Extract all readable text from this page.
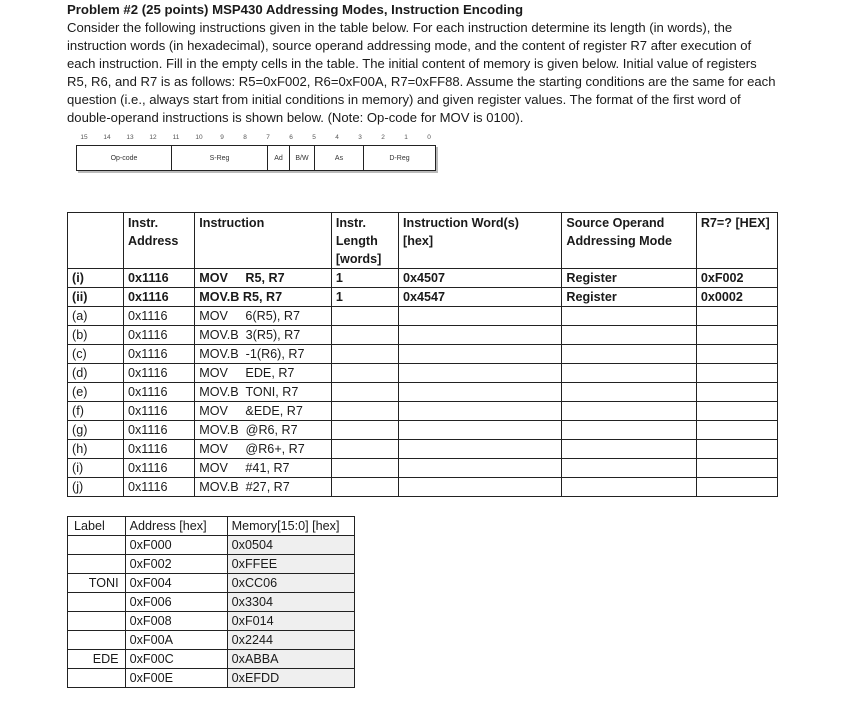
Problem #2 (25 points) MSP430 Addressing Modes, Instruction Encoding
Consider the following instructions given in the table below. For each instruction determine its length (in words), the
instruction words (in hexadecimal), source operand addressing mode, and the content of register R7 after execution of
each instruction. Fill in the empty cells in the table. The initial content of memory is given below. Initial value of registers
R5, R6, and R7 is as follows: R5=0xF002, R6=0xF00A, R7=0xFF88. Assume the starting conditions are the same for each
question (i.e., always start from initial conditions in memory) and given register values. The format of the first word of
double-operand instructions is shown below. (Note: Op-code for MOV is 0100).
15 14 13 12 11 10	9	8	7	6	5	4	3	2	1	0
Op-code	S-Reg	Ad	B/W	As	D-Reg
	Instr.
Address	Instruction	Instr.
Length
[words]	Instruction Word(s)
[hex]	Source Operand
Addressing Mode	R7=? [HEX]
(i)	0x1116	MOV     R5, R7	1	0x4507	Register	0xF002
(ii)	0x1116	MOV.B R5, R7	1	0x4547	Register	0x0002
(a)	0x1116	MOV     6(R5), R7				
(b)	0x1116	MOV.B  3(R5), R7				
(c)	0x1116	MOV.B  -1(R6), R7				
(d)	0x1116	MOV     EDE, R7				
(e)	0x1116	MOV.B  TONI, R7				
(f)	0x1116	MOV     &EDE, R7				
(g)	0x1116	MOV.B  @R6, R7				
(h)	0x1116	MOV     @R6+, R7				
(i)	0x1116	MOV     #41, R7				
(j)	0x1116	MOV.B  #27, R7				
Label	Address [hex]	Memory[15:0] [hex]
	0xF000	0x0504
	0xF002	0xFFEE
TONI	0xF004	0xCC06
	0xF006	0x3304
	0xF008	0xF014
	0xF00A	0x2244
EDE	0xF00C	0xABBA
	0xF00E	0xEFDD
